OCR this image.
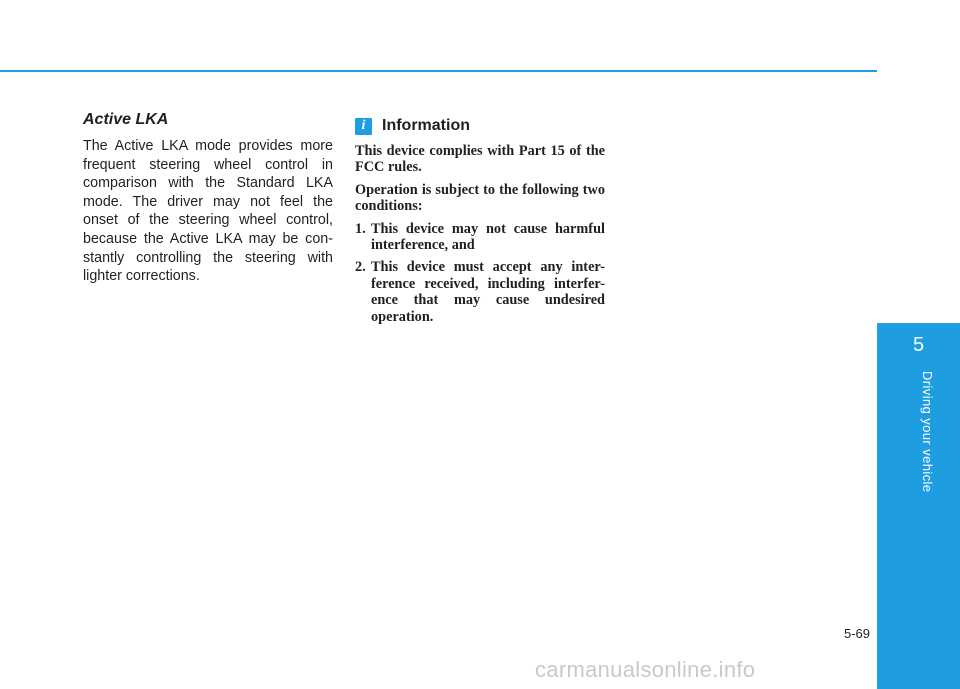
Active LKA

The Active LKA mode provides more frequent steering wheel control in comparison with the Standard LKA mode. The driver may not feel the onset of the steering wheel control, because the Active LKA may be con-stantly controlling the steering with lighter corrections.

i	Information

This device complies with Part 15 of the FCC rules.

Operation is subject to the following two conditions:

1. This device may not cause harmful interference, and
2. This device must accept any inter-ference received, including interfer-ence that may cause undesired operation.
5
Driving your vehicle
5-69
carmanualsonline.info
